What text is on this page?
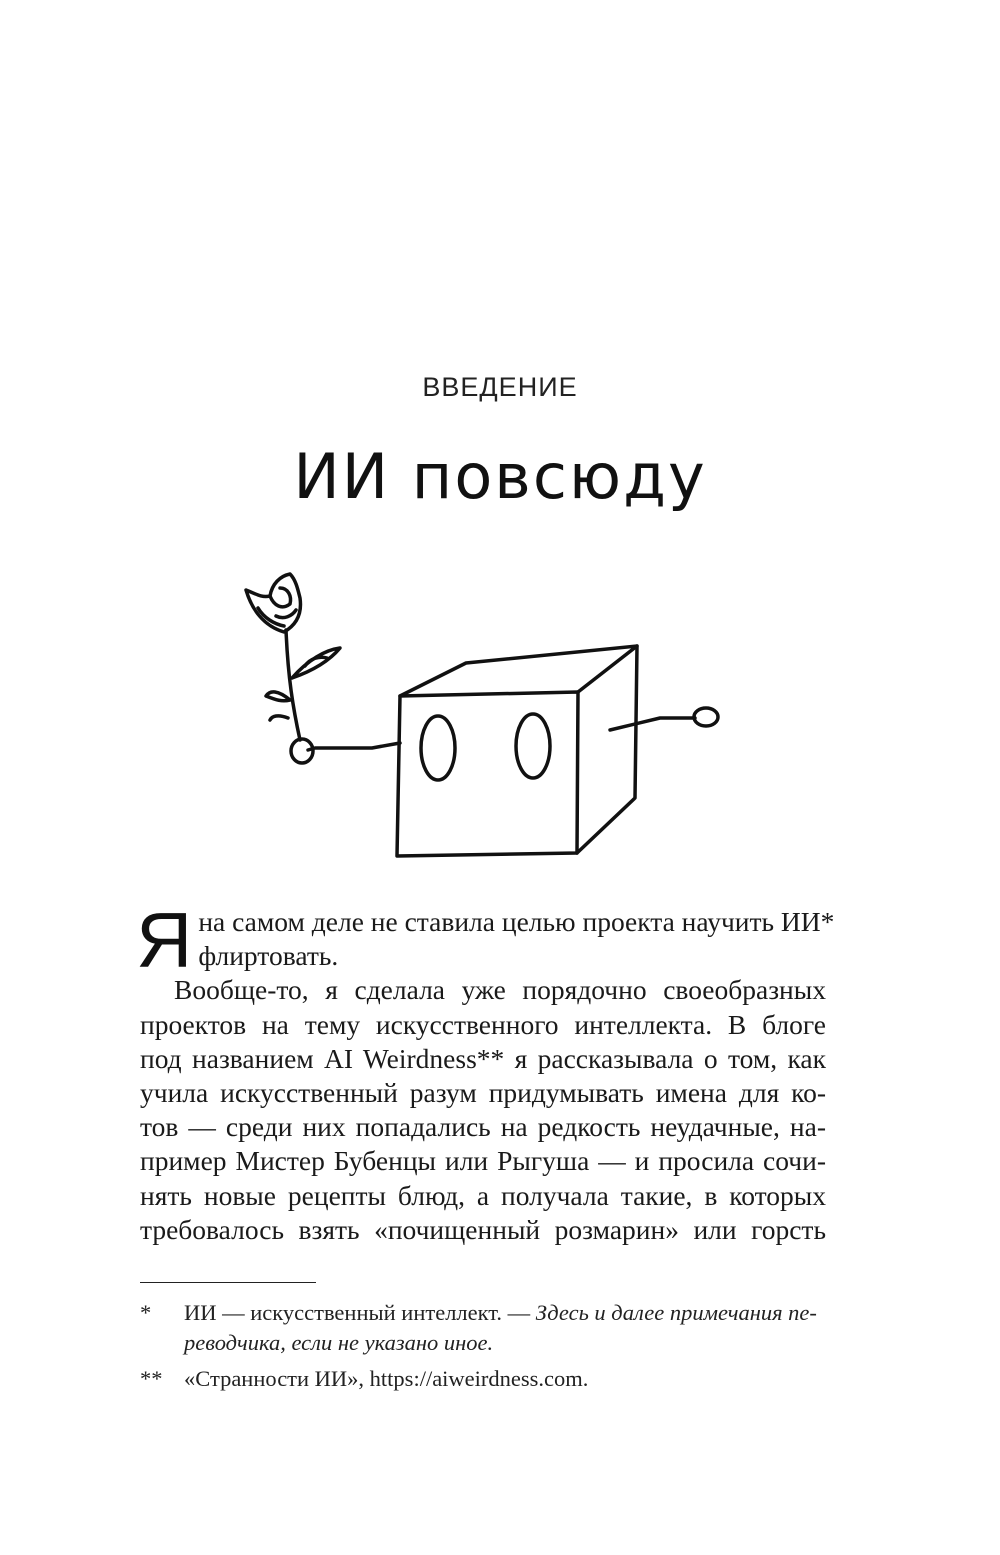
ВВЕДЕНИЕ
ИИ повсюду
Я на самом деле не ставила целью проекта научить ИИ*
флиртовать.
Вообще-то, я сделала уже порядочно своеобразных
проектов на тему искусственного интеллекта. В блоге
под названием AI Weirdness** я рассказывала о том, как
учила искусственный разум придумывать имена для ко-
тов — среди них попадались на редкость неудачные, на-
пример Мистер Бубенцы или Рыгуша — и просила сочи-
нять новые рецепты блюд, а получала такие, в которых
требовалось взять «почищенный розмарин» или горсть
* ИИ — искусственный интеллект. — Здесь и далее примечания пе-
реводчика, если не указано иное.
** «Странности ИИ», https://aiweirdness.com.
